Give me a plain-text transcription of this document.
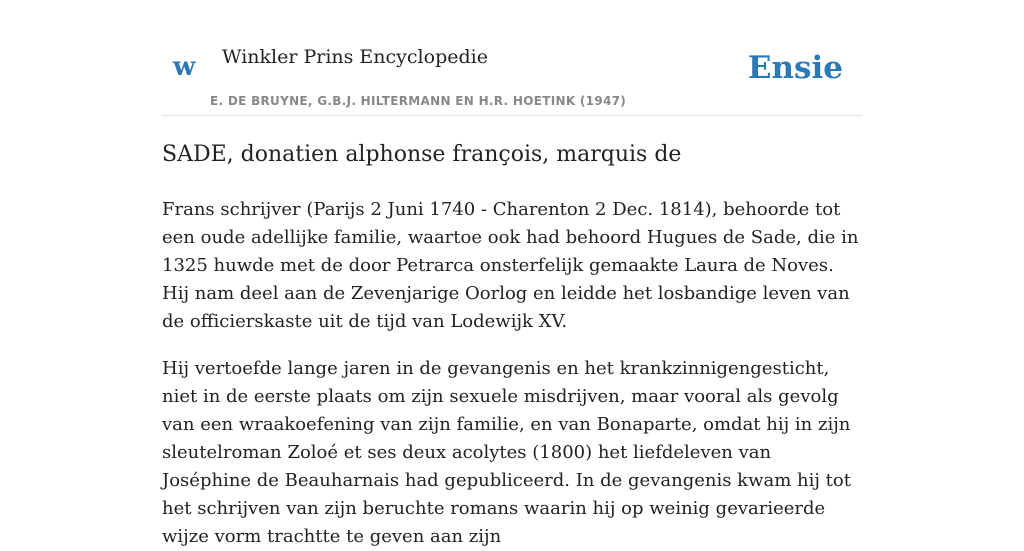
w Winkler Prins Encyclopedie
E. DE BRUYNE, G.B.J. HILTERMANN EN H.R. HOETINK (1947)
Ensie
SADE, donatien alphonse françois, marquis de

Frans schrijver (Parijs 2 Juni 1740 - Charenton 2 Dec. 1814), behoorde tot een oude adellijke familie, waartoe ook had behoord Hugues de Sade, die in 1325 huwde met de door Petrarca onsterfelijk gemaakte Laura de Noves. Hij nam deel aan de Zevenjarige Oorlog en leidde het losbandige leven van de officierskaste uit de tijd van Lodewijk XV.

Hij vertoefde lange jaren in de gevangenis en het krankzinnigengesticht, niet in de eerste plaats om zijn sexuele misdrijven, maar vooral als gevolg van een wraakoefening van zijn familie, en van Bonaparte, omdat hij in zijn sleutelroman Zoloé et ses deux acolytes (1800) het liefdeleven van Joséphine de Beauharnais had gepubliceerd. In de gevangenis kwam hij tot het schrijven van zijn beruchte romans waarin hij op weinig gevarieerde wijze vorm trachtte te geven aan zijn
